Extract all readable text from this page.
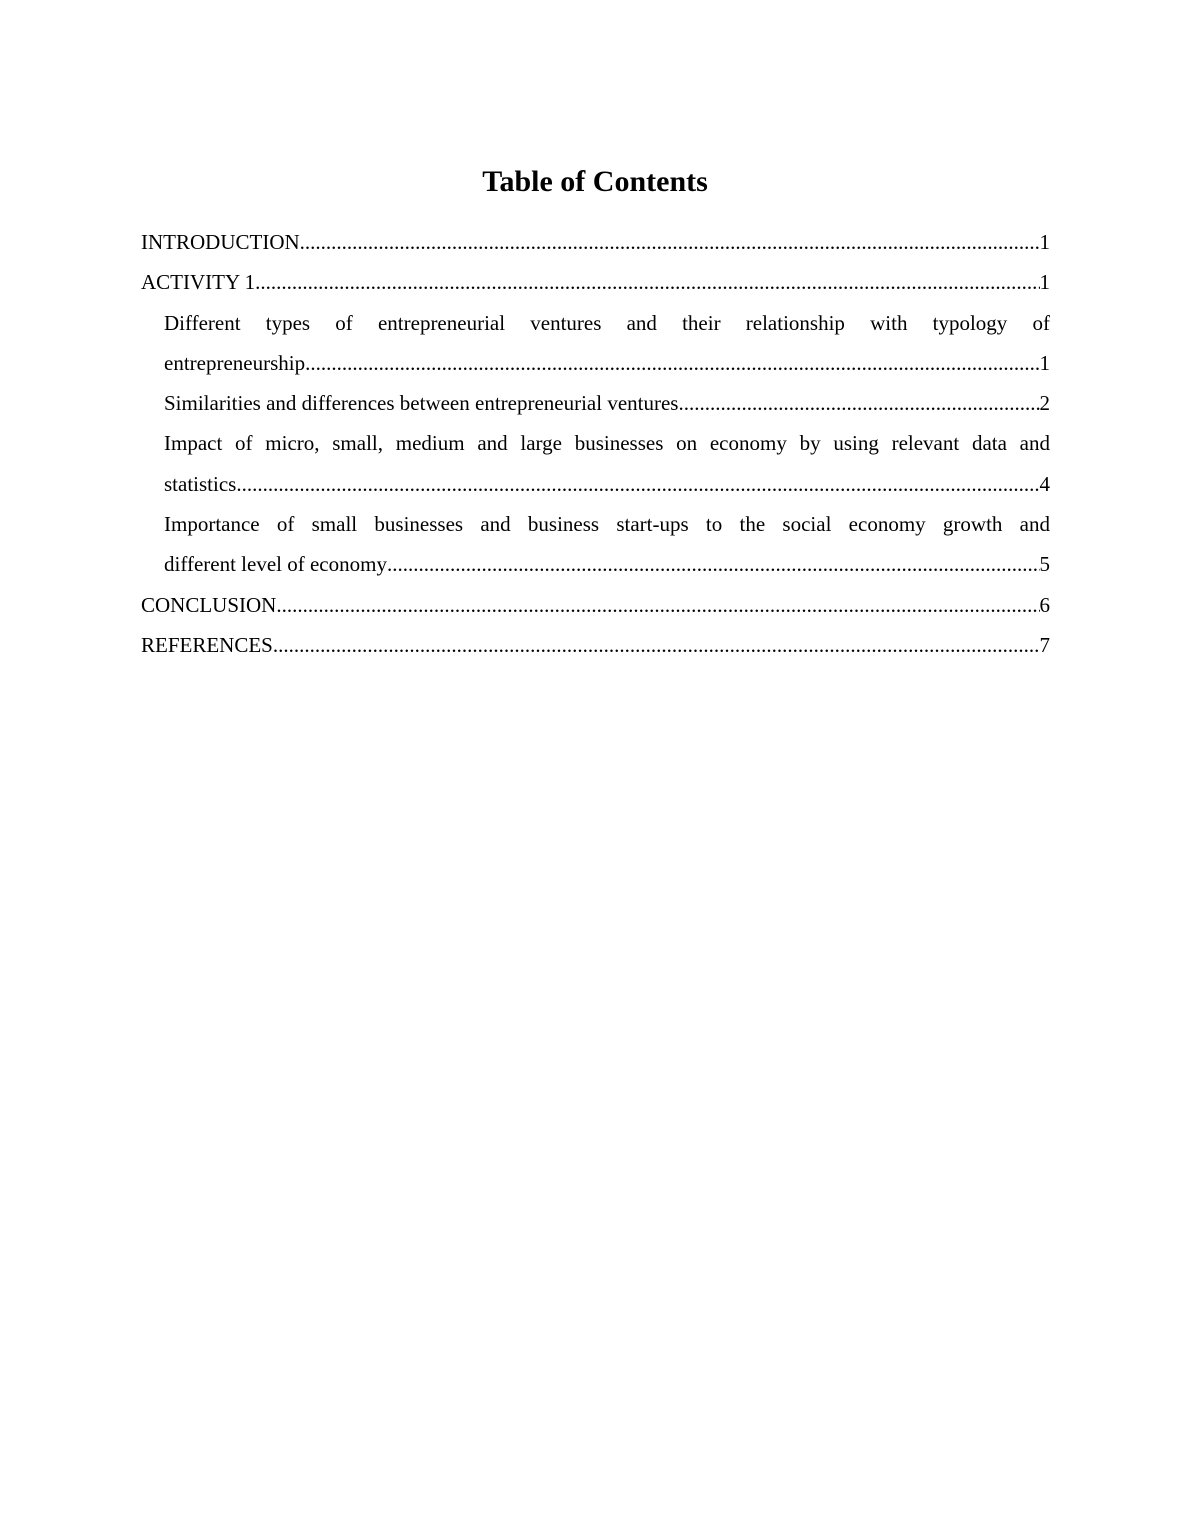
Table of Contents
INTRODUCTION .....	1
ACTIVITY 1 .....	1
Different types of entrepreneurial ventures and their relationship with typology of
entrepreneurship .....	1
Similarities and differences between entrepreneurial ventures .....	2
Impact of micro, small, medium and large businesses on economy by using relevant data and
statistics .....	4
Importance of small businesses and business start-ups to the social economy growth and
different level of economy .....	5
CONCLUSION .....	6
REFERENCES .....	7
